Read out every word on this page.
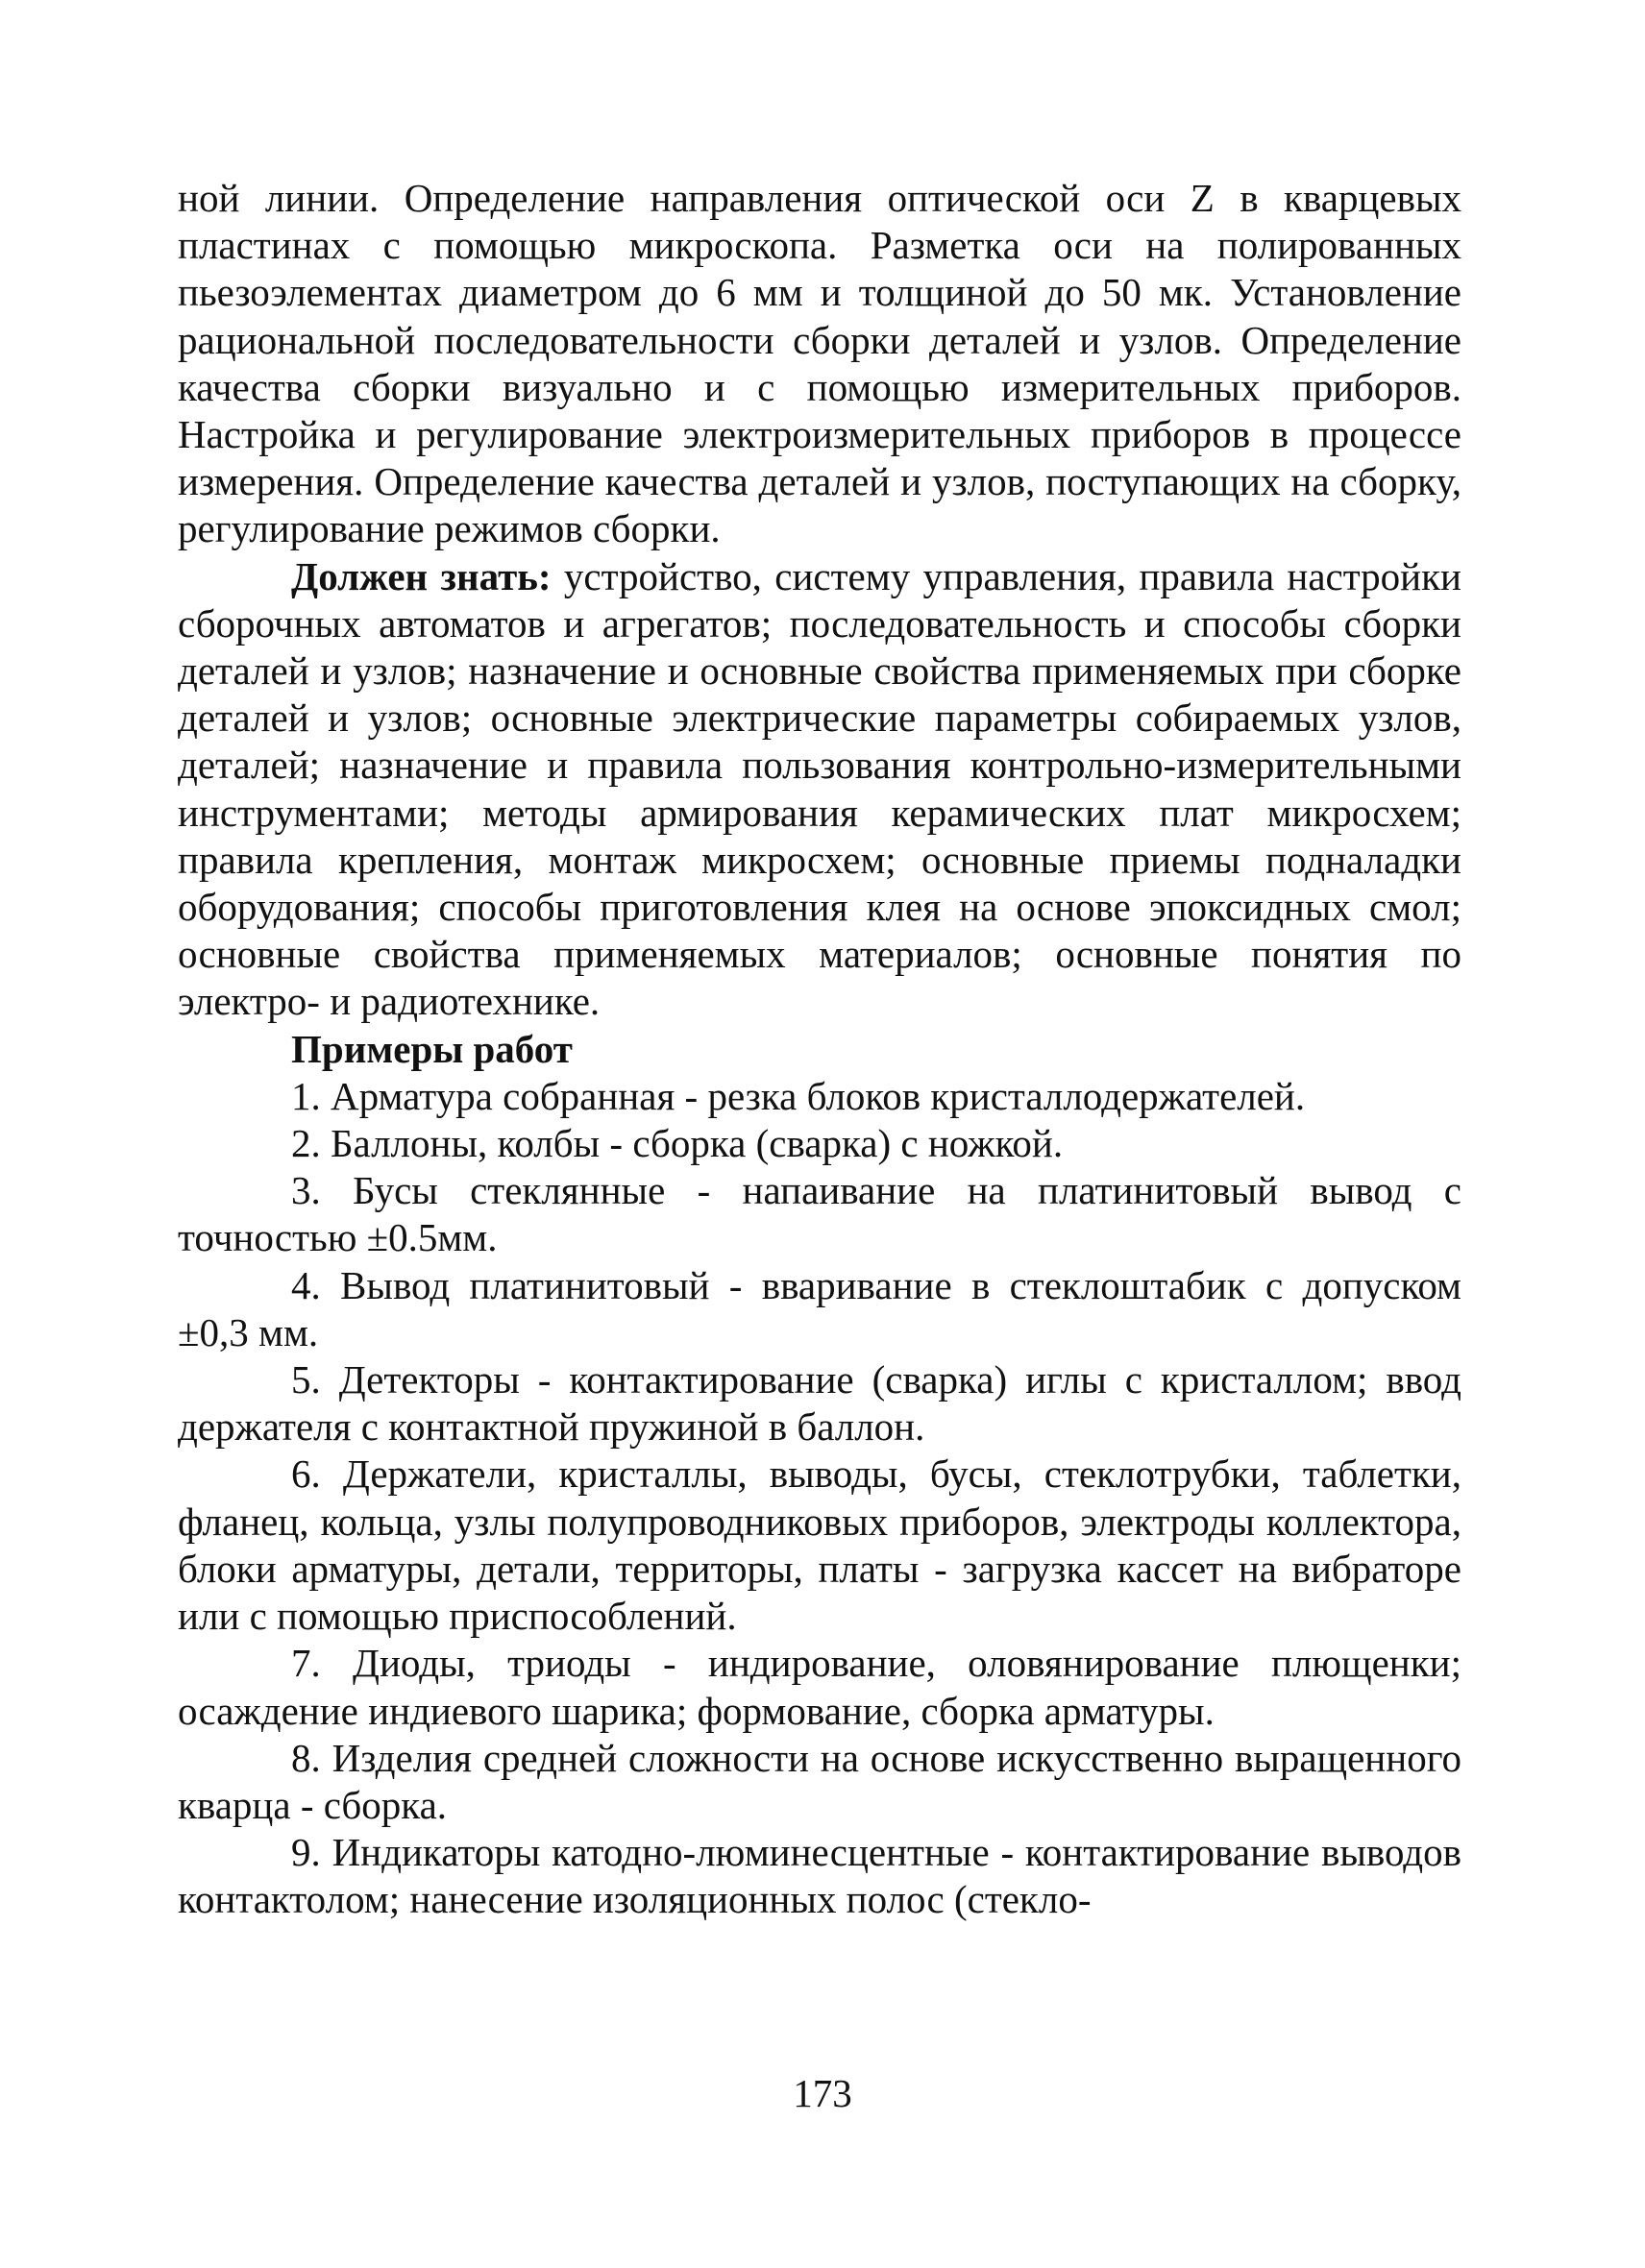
ной линии. Определение направления оптической оси Z в кварцевых пластинах с помощью микроскопа. Разметка оси на полированных пьезоэлементах диаметром до 6 мм и толщиной до 50 мк. Установление рациональной последовательности сборки деталей и узлов. Определение качества сборки визуально и с помощью измерительных приборов. Настройка и регулирование электроизмерительных приборов в процессе измерения. Определение качества деталей и узлов, поступающих на сборку, регулирование режимов сборки.

Должен знать: устройство, систему управления, правила настройки сборочных автоматов и агрегатов; последовательность и способы сборки деталей и узлов; назначение и основные свойства применяемых при сборке деталей и узлов; основные электрические параметры собираемых узлов, деталей; назначение и правила пользования контрольно-измерительными инструментами; методы армирования керамических плат микросхем; правила крепления, монтаж микросхем; основные приемы подналадки оборудования; способы приготовления клея на основе эпоксидных смол; основные свойства применяемых материалов; основные понятия по электро- и радиотехнике.

Примеры работ

1. Арматура собранная - резка блоков кристаллодержателей.

2. Баллоны, колбы - сборка (сварка) с ножкой.

3. Бусы стеклянные - напаивание на платинитовый вывод с точностью ±0.5мм.

4. Вывод платинитовый - вваривание в стеклоштабик с допуском ±0,3 мм.

5. Детекторы - контактирование (сварка) иглы с кристаллом; ввод держателя с контактной пружиной в баллон.

6. Держатели, кристаллы, выводы, бусы, стеклотрубки, таблетки, фланец, кольца, узлы полупроводниковых приборов, электроды коллектора, блоки арматуры, детали, территоры, платы - загрузка кассет на вибраторе или с помощью приспособлений.

7. Диоды, триоды - индирование, оловянирование плющенки; осаждение индиевого шарика; формование, сборка арматуры.

8. Изделия средней сложности на основе искусственно выращенного кварца - сборка.

9. Индикаторы катодно-люминесцентные - контактирование выводов контактолом; нанесение изоляционных полос (стекло-

173
